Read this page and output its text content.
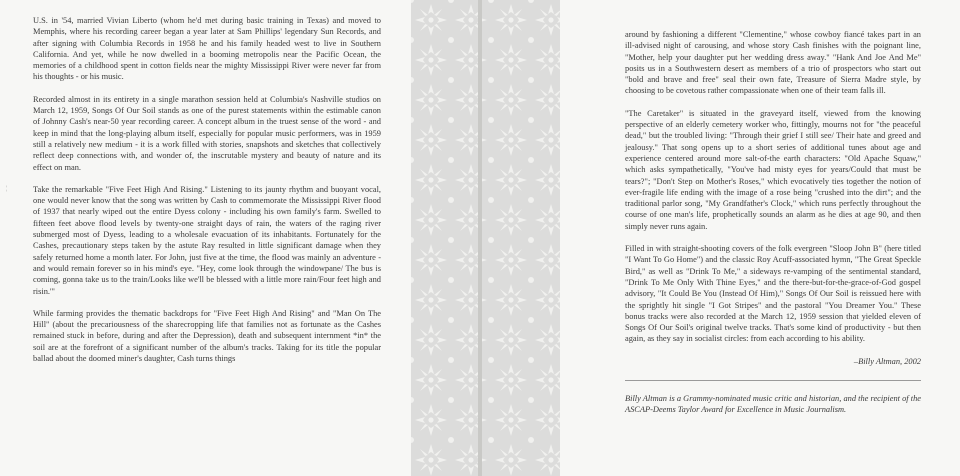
¦

U.S. in '54, married Vivian Liberto (whom he'd met during basic training in Texas) and moved to Memphis, where his recording career began a year later at Sam Phillips' legendary Sun Records, and after signing with Columbia Records in 1958 he and his family headed west to live in Southern California. And yet, while he now dwelled in a booming metropolis near the Pacific Ocean, the memories of a childhood spent in cotton fields near the mighty Mississippi River were never far from his thoughts - or his music.

Recorded almost in its entirety in a single marathon session held at Columbia's Nashville studios on March 12, 1959, Songs Of Our Soil stands as one of the purest statements within the estimable canon of Johnny Cash's near-50 year recording career. A concept album in the truest sense of the word - and keep in mind that the long-playing album itself, especially for popular music performers, was in 1959 still a relatively new medium - it is a work filled with stories, snapshots and sketches that collectively reflect deep connections with, and wonder of, the inscrutable mystery and beauty of nature and its effect on man.

Take the remarkable "Five Feet High And Rising." Listening to its jaunty rhythm and buoyant vocal, one would never know that the song was written by Cash to commemorate the Mississippi River flood of 1937 that nearly wiped out the entire Dyess colony - including his own family's farm. Swelled to fifteen feet above flood levels by twenty-one straight days of rain, the waters of the raging river submerged most of Dyess, leading to a wholesale evacuation of its inhabitants. Fortunately for the Cashes, precautionary steps taken by the astute Ray resulted in little significant damage when they safely returned home a month later. For John, just five at the time, the flood was mainly an adventure - and would remain forever so in his mind's eye. "Hey, come look through the windowpane/ The bus is coming, gonna take us to the train/Looks like we'll be blessed with a little more rain/Four feet high and risin.'"

While farming provides the thematic backdrops for "Five Feet High And Rising" and "Man On The Hill" (about the precariousness of the sharecropping life that families not as fortunate as the Cashes remained stuck in before, during and after the Depression), death and subsequent internment *in* the soil are at the forefront of a significant number of the album's tracks. Taking for its title the popular ballad about the doomed miner's daughter, Cash turns things

around by fashioning a different "Clementine," whose cowboy fiancé takes part in an ill-advised night of carousing, and whose story Cash finishes with the poignant line, "Mother, help your daughter put her wedding dress away." "Hank And Joe And Me" posits us in a Southwestern desert as members of a trio of prospectors who start out "bold and brave and free" seal their own fate, Treasure of Sierra Madre style, by choosing to be covetous rather compassionate when one of their team falls ill.

"The Caretaker" is situated in the graveyard itself, viewed from the knowing perspective of an elderly cemetery worker who, fittingly, mourns not for "the peaceful dead," but the troubled living: "Through their grief I still see/ Their hate and greed and jealousy." That song opens up to a short series of additional tunes about age and experience centered around more salt-of-the earth characters: "Old Apache Squaw," which asks sympathetically, "You've had misty eyes for years/Could that must be tears?"; "Don't Step on Mother's Roses," which evocatively ties together the notion of ever-fragile life ending with the image of a rose being "crushed into the dirt"; and the traditional parlor song, "My Grandfather's Clock," which runs perfectly throughout the course of one man's life, prophetically sounds an alarm as he dies at age 90, and then simply never runs again.

Filled in with straight-shooting covers of the folk evergreen "Sloop John B" (here titled "I Want To Go Home") and the classic Roy Acuff-associated hymn, "The Great Speckle Bird," as well as "Drink To Me," a sideways re-vamping of the sentimental standard, "Drink To Me Only With Thine Eyes," and the there-but-for-the-grace-of-God gospel advisory, "It Could Be You (Instead Of Him)," Songs Of Our Soil is reissued here with the sprightly hit single "I Got Stripes" and the pastoral "You Dreamer You." These bonus tracks were also recorded at the March 12, 1959 session that yielded eleven of Songs Of Our Soil's original twelve tracks. That's some kind of productivity - but then again, as they say in socialist circles: from each according to his ability.

–Billy Altman, 2002

Billy Altman is a Grammy-nominated music critic and historian, and the recipient of the ASCAP-Deems Taylor Award for Excellence in Music Journalism.
